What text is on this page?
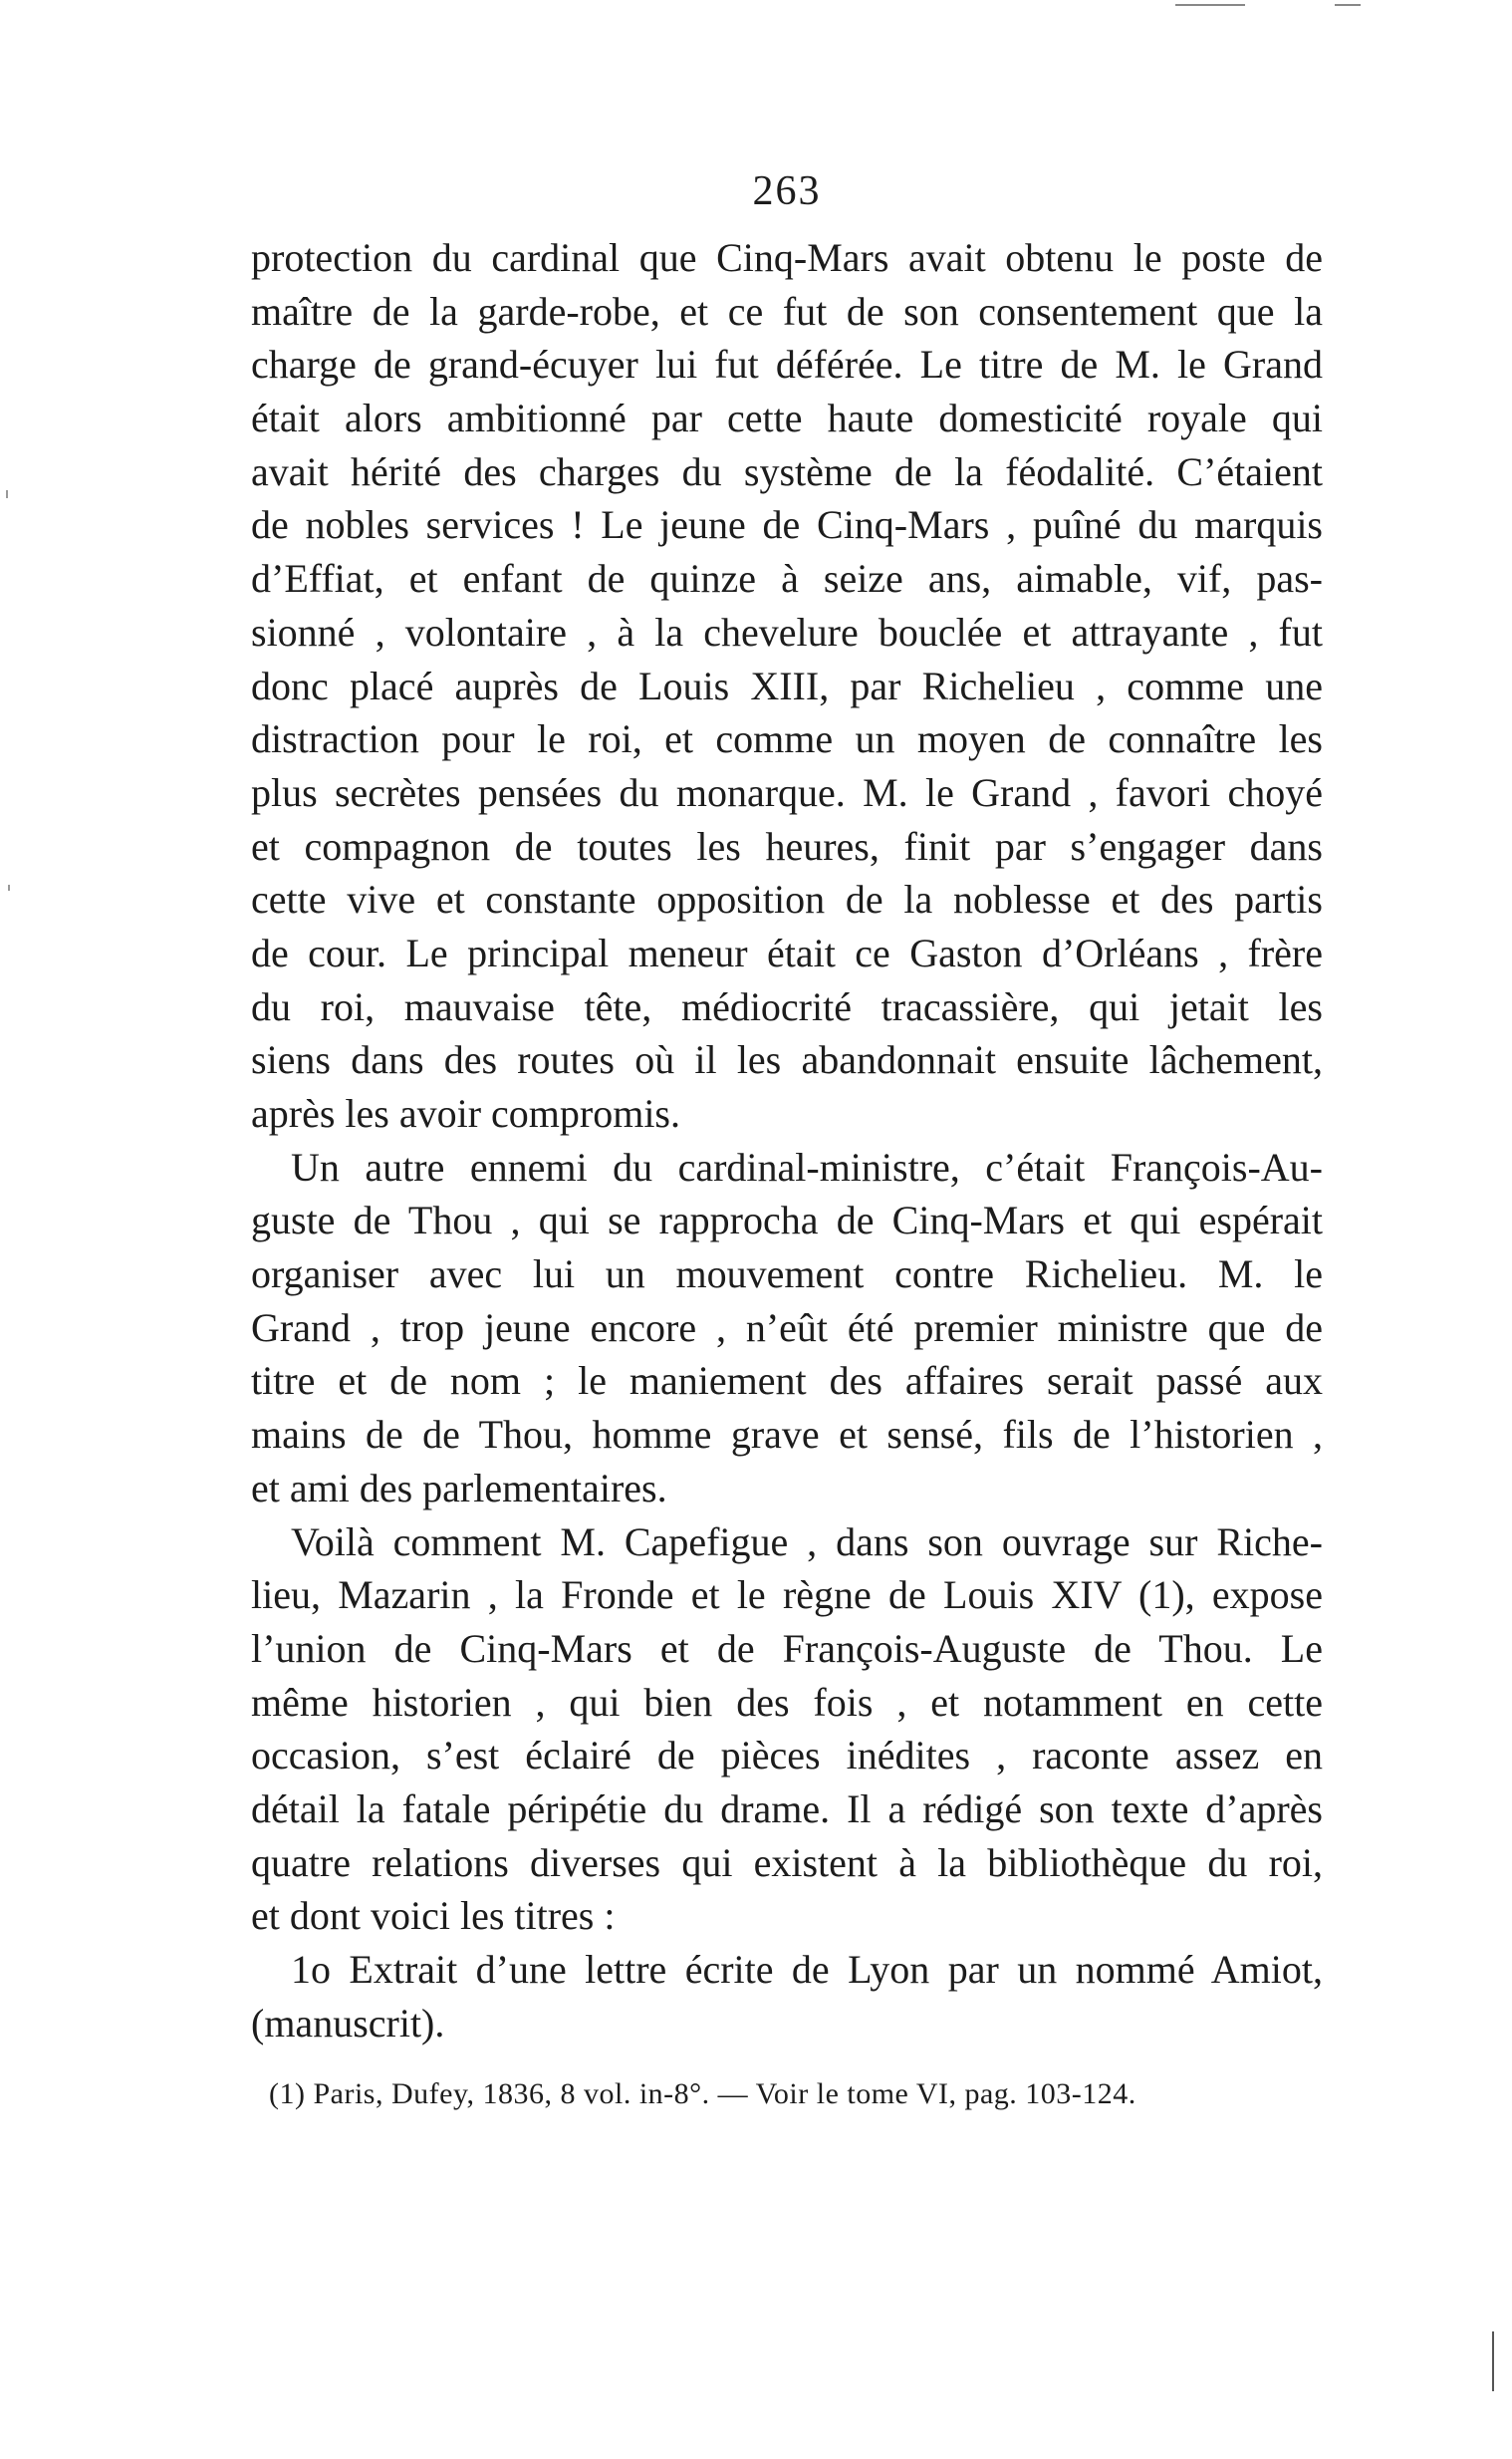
263
protection du cardinal que Cinq-Mars avait obtenu le poste de
maître de la garde-robe, et ce fut de son consentement que la
charge de grand-écuyer lui fut déférée. Le titre de M. le Grand
était alors ambitionné par cette haute domesticité royale qui
avait hérité des charges du système de la féodalité. C’étaient
de nobles services ! Le jeune de Cinq-Mars , puîné du marquis
d’Effiat, et enfant de quinze à seize ans, aimable, vif, pas-
sionné , volontaire , à la chevelure bouclée et attrayante , fut
donc placé auprès de Louis XIII, par Richelieu , comme une
distraction pour le roi, et comme un moyen de connaître les
plus secrètes pensées du monarque. M. le Grand , favori choyé
et compagnon de toutes les heures, finit par s’engager dans
cette vive et constante opposition de la noblesse et des partis
de cour. Le principal meneur était ce Gaston d’Orléans , frère
du roi, mauvaise tête, médiocrité tracassière, qui jetait les
siens dans des routes où il les abandonnait ensuite lâchement,
après les avoir compromis.
Un autre ennemi du cardinal-ministre, c’était François-Au-
guste de Thou , qui se rapprocha de Cinq-Mars et qui espérait
organiser avec lui un mouvement contre Richelieu. M. le
Grand , trop jeune encore , n’eût été premier ministre que de
titre et de nom ; le maniement des affaires serait passé aux
mains de de Thou, homme grave et sensé, fils de l’historien ,
et ami des parlementaires.
Voilà comment M. Capefigue , dans son ouvrage sur Riche-
lieu, Mazarin , la Fronde et le règne de Louis XIV (1), expose
l’union de Cinq-Mars et de François-Auguste de Thou. Le
même historien , qui bien des fois , et notamment en cette
occasion, s’est éclairé de pièces inédites , raconte assez en
détail la fatale péripétie du drame. Il a rédigé son texte d’après
quatre relations diverses qui existent à la bibliothèque du roi,
et dont voici les titres :
1o Extrait d’une lettre écrite de Lyon par un nommé Amiot,
(manuscrit).
(1) Paris, Dufey, 1836, 8 vol. in-8°. — Voir le tome VI, pag. 103-124.
